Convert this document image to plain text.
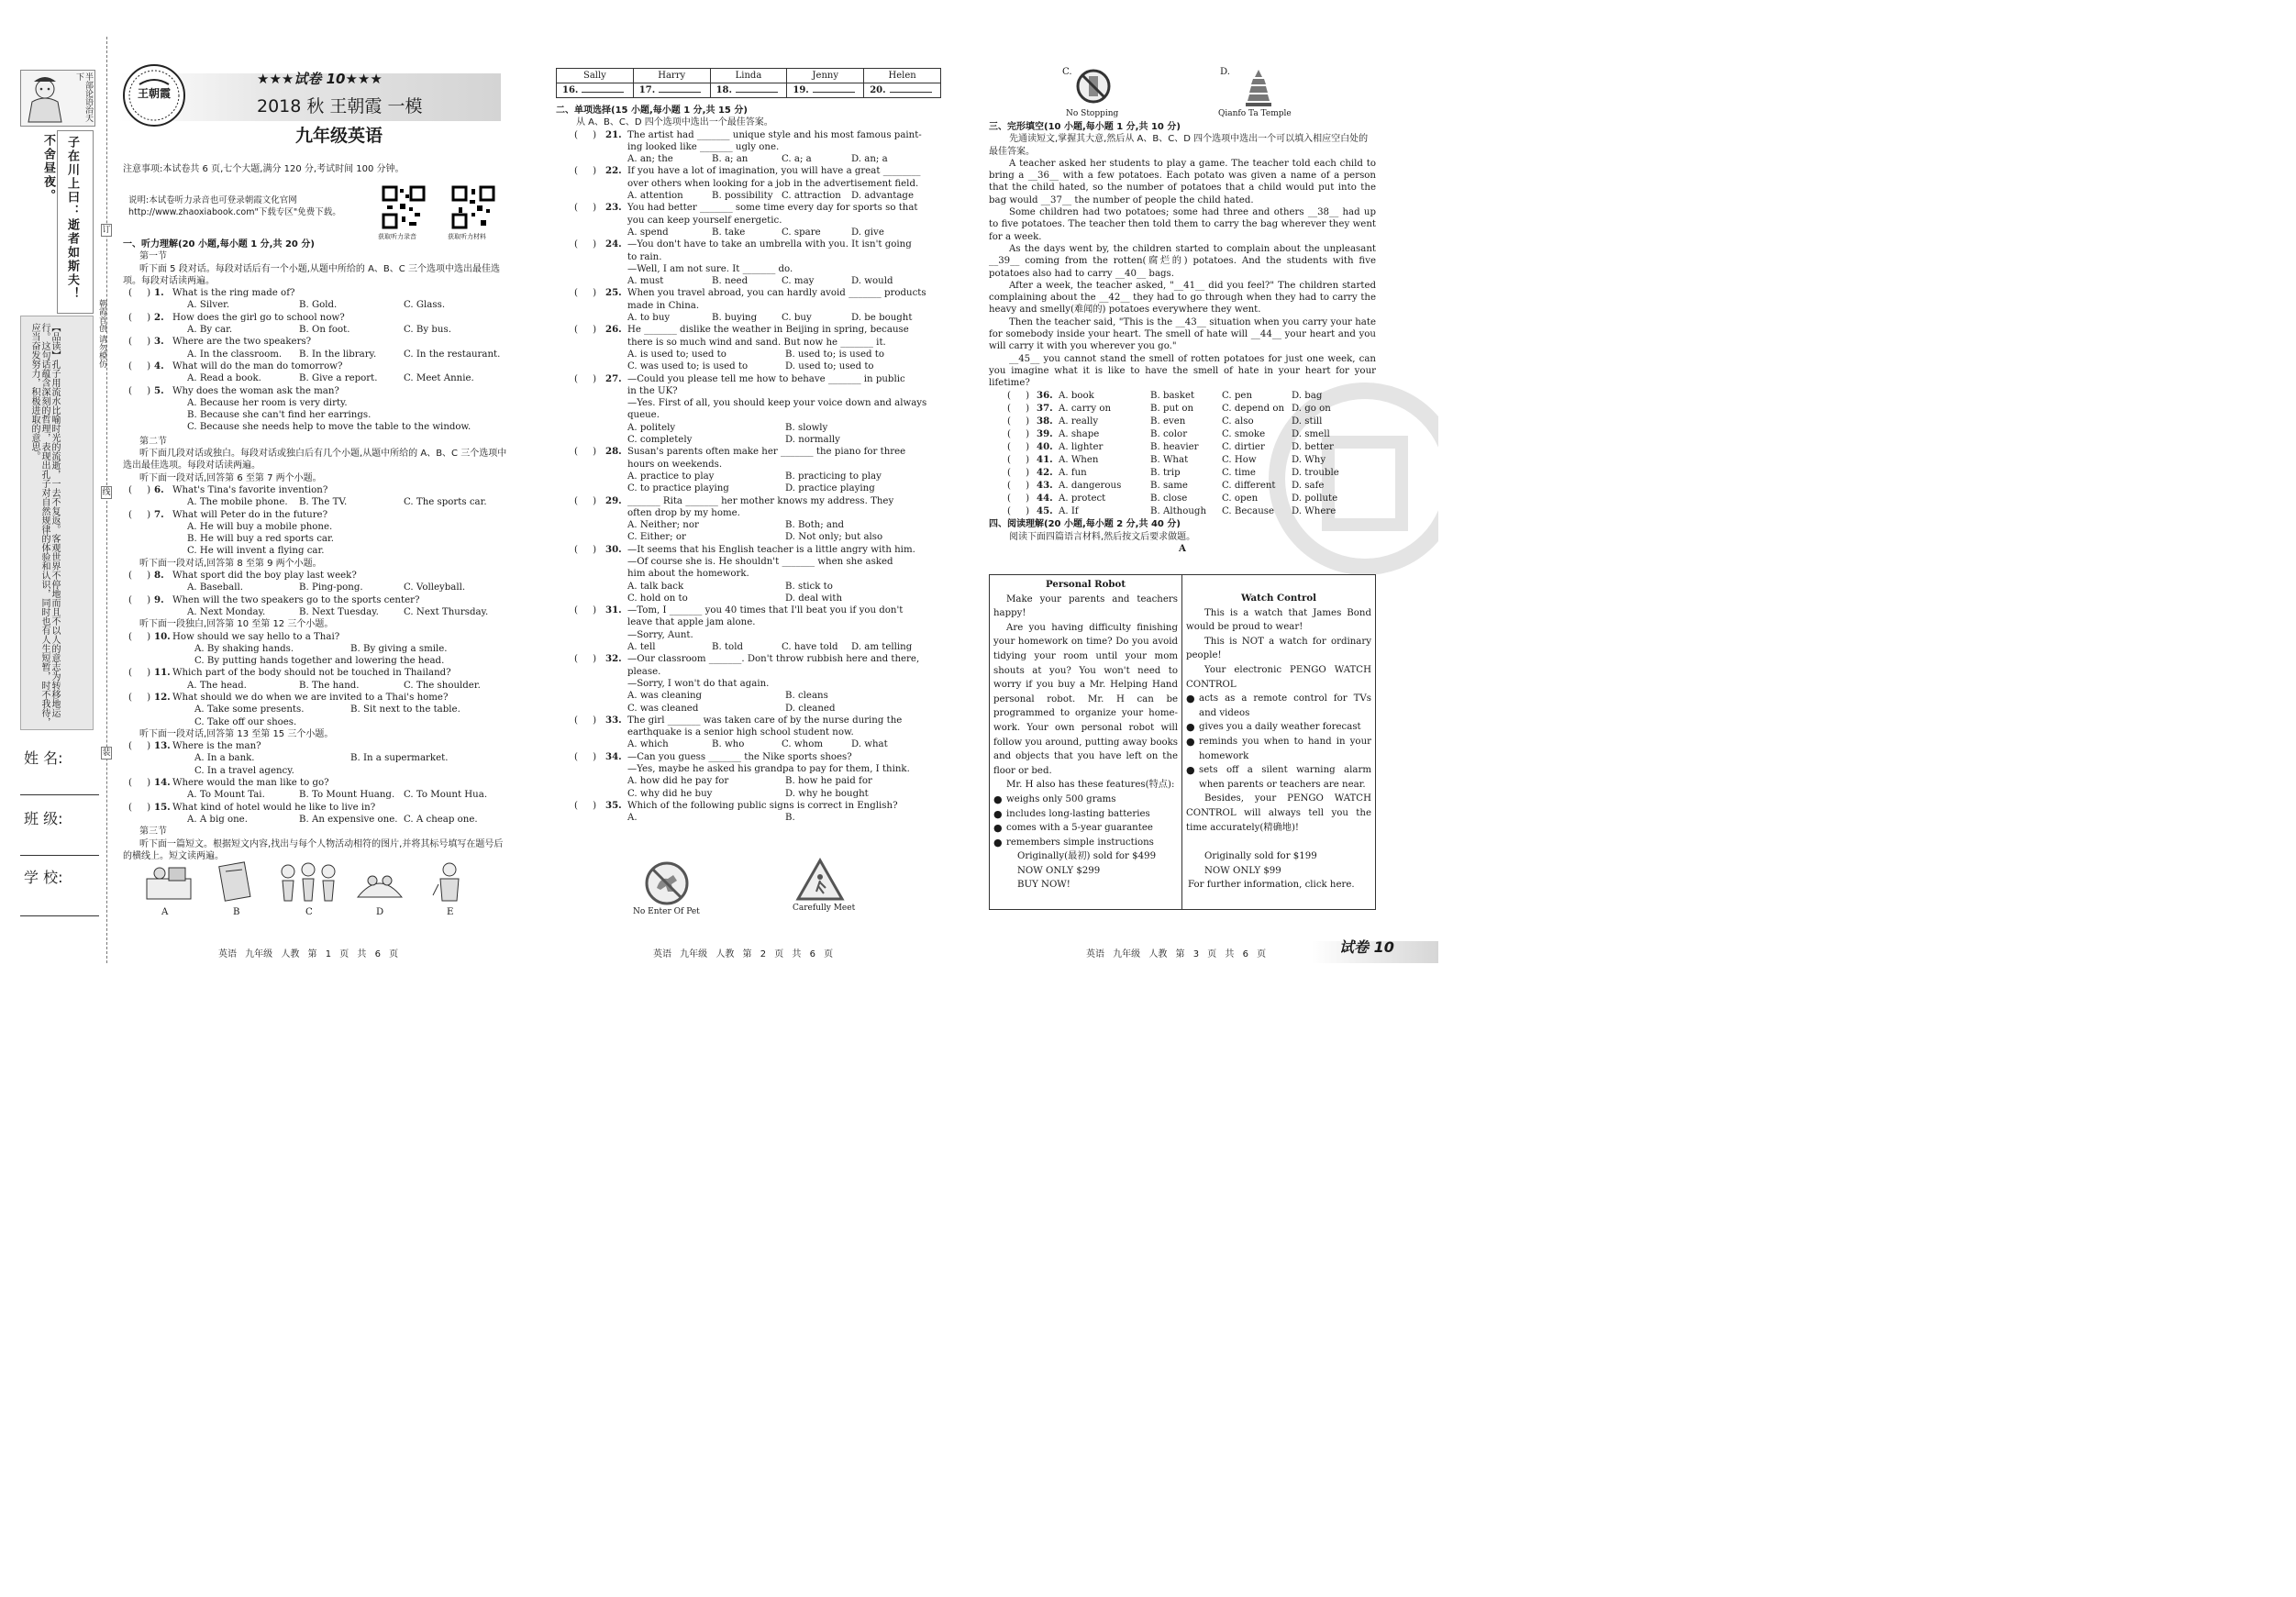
半部论语治天下
不舍昼夜。 子在川上曰：逝者如斯夫！
【品读】孔子用流水比喻时光的流逝，一去不复返。客观世界不停地而且不以人的意志为转移地运行。这句话蕴含深刻的哲理，表现出孔子对自然规律的体验和认识，同时也有人生短暂，时不我待，应当奋发努力，积极进取的意思。	朝霞首创 请勿模仿
订
线
装
姓 名:
班 级:
学 校:
王朝霞
★★★试卷 10★★★
2018 秋 王朝霞 一模
九年级英语
注意事项:本试卷共 6 页,七个大题,满分 120 分,考试时间 100 分钟。
说明:本试卷听力录音也可登录朝霞文化官网 http://www.zhaoxiabook.com"下载专区"免费下载。
获取听力录音	获取听力材料
一、听力理解(20 小题,每小题 1 分,共 20 分)
第一节
听下面 5 段对话。每段对话后有一个小题,从题中所给的 A、B、C 三个选项中选出最佳选项。每段对话读两遍。
(     ) 1. What is the ring made of?
A. Silver.	B. Gold.	C. Glass.
(     ) 2. How does the girl go to school now?
A. By car.	B. On foot.	C. By bus.
(     ) 3. Where are the two speakers?
A. In the classroom. B. In the library.	C. In the restaurant.
(     ) 4. What will do the man do tomorrow?
A. Read a book.	B. Give a report.	C. Meet Annie.
(     ) 5. Why does the woman ask the man?
A. Because her room is very dirty.
B. Because she can't find her earrings.
C. Because she needs help to move the table to the window.
第二节
听下面几段对话或独白。每段对话或独白后有几个小题,从题中所给的 A、B、C 三个选项中选出最佳选项。每段对话读两遍。
听下面一段对话,回答第 6 至第 7 两个小题。
(     ) 6. What's Tina's favorite invention?
A. The mobile phone. B. The TV.	C. The sports car.
(     ) 7. What will Peter do in the future?
A. He will buy a mobile phone.
B. He will buy a red sports car.
C. He will invent a flying car.
听下面一段对话,回答第 8 至第 9 两个小题。
(     ) 8. What sport did the boy play last week?
A. Baseball.	B. Ping-pong.	C. Volleyball.
(     ) 9. When will the two speakers go to the sports center?
A. Next Monday.	B. Next Tuesday.	C. Next Thursday.
听下面一段独白,回答第 10 至第 12 三个小题。
(     ) 10. How should we say hello to a Thai?
A. By shaking hands.	B. By giving a smile.
C. By putting hands together and lowering the head.
(     ) 11. Which part of the body should not be touched in Thailand?
A. The head.	B. The hand.	C. The shoulder.
(     ) 12. What should we do when we are invited to a Thai's home?
A. Take some presents.	B. Sit next to the table.
C. Take off our shoes.
听下面一段对话,回答第 13 至第 15 三个小题。
(     ) 13. Where is the man?
A. In a bank.	B. In a supermarket.
C. In a travel agency.
(     ) 14. Where would the man like to go?
A. To Mount Tai.	B. To Mount Huang. C. To Mount Hua.
(     ) 15. What kind of hotel would he like to live in?
A. A big one.	B. An expensive one. C. A cheap one.
第三节
听下面一篇短文。根据短文内容,找出与每个人物活动相符的图片,并将其标号填写在题号后的横线上。短文读两遍。
A	B	C	D	E
英语 九年级 人教 第 1 页 共 6 页
Sally	Harry	Linda	Jenny	Helen
16.	17.	18.	19.	20.
二、单项选择(15 小题,每小题 1 分,共 15 分)
从 A、B、C、D 四个选项中选出一个最佳答案。
(     ) 21. The artist had _______ unique style and his most famous paint-
ing looked like _______ ugly one.
A. an; the	B. a; an	C. a; a	D. an; a
(     ) 22. If you have a lot of imagination, you will have a great ________
over others when looking for a job in the advertisement field.
A. attention	B. possibility C. attraction D. advantage
(     ) 23. You had better _______ some time every day for sports so that
you can keep yourself energetic.
A. spend	B. take	C. spare	D. give
(     ) 24. —You don't have to take an umbrella with you. It isn't going
to rain.
—Well, I am not sure. It _______ do.
A. must	B. need	C. may	D. would
(     ) 25. When you travel abroad, you can hardly avoid _______ products
made in China.
A. to buy	B. buying	C. buy	D. be bought
(     ) 26. He _______ dislike the weather in Beijing in spring, because
there is so much wind and sand. But now he _______ it.
A. is used to; used to	B. used to; is used to
C. was used to; is used to	D. used to; used to
(     ) 27. —Could you please tell me how to behave _______ in public
in the UK?
—Yes. First of all, you should keep your voice down and always
queue.
A. politely	B. slowly
C. completely	D. normally
(     ) 28. Susan's parents often make her _______ the piano for three
hours on weekends.
A. practice to play	B. practicing to play
C. to practice playing	D. practice playing
(     ) 29. _______ Rita _______ her mother knows my address. They
often drop by my home.
A. Neither; nor	B. Both; and
C. Either; or	D. Not only; but also
(     ) 30. —It seems that his English teacher is a little angry with him.
—Of course she is. He shouldn't _______ when she asked
him about the homework.
A. talk back	B. stick to
C. hold on to	D. deal with
(     ) 31. —Tom, I _______ you 40 times that I'll beat you if you don't
leave that apple jam alone.
—Sorry, Aunt.
A. tell	B. told	C. have told D. am telling
(     ) 32. —Our classroom _______. Don't throw rubbish here and there,
please.
—Sorry, I won't do that again.
A. was cleaning	B. cleans
C. was cleaned	D. cleaned
(     ) 33. The girl _______ was taken care of by the nurse during the
earthquake is a senior high school student now.
A. which	B. who	C. whom	D. what
(     ) 34. —Can you guess _______ the Nike sports shoes?
—Yes, maybe he asked his grandpa to pay for them, I think.
A. how did he pay for	B. how he paid for
C. why did he buy	D. why he bought
(     ) 35. Which of the following public signs is correct in English?
A.	B.
No Enter Of Pet	Carefully Meet
英语 九年级 人教 第 2 页 共 6 页
C.
No Stopping
D.
Qianfo Ta Temple
三、完形填空(10 小题,每小题 1 分,共 10 分)
先通读短文,掌握其大意,然后从 A、B、C、D 四个选项中选出一个可以填入相应空白处的最佳答案。
A teacher asked her students to play a game. The teacher told each child to bring a __36__ with a few potatoes. Each potato was given a name of a person that the child hated, so the number of potatoes that a child would put into the bag would __37__ the number of people the child hated.
Some children had two potatoes; some had three and others __38__ had up to five potatoes. The teacher then told them to carry the bag wherever they went for a week.
As the days went by, the children started to complain about the unpleasant __39__ coming from the rotten(腐烂的) potatoes. And the students with five potatoes also had to carry __40__ bags.
After a week, the teacher asked, "__41__ did you feel?" The children started complaining about the __42__ they had to go through when they had to carry the heavy and smelly(难闻的) potatoes everywhere they went.
Then the teacher said, "This is the __43__ situation when you carry your hate for somebody inside your heart. The smell of hate will __44__ your heart and you will carry it with you wherever you go."
__45__ you cannot stand the smell of rotten potatoes for just one week, can you imagine what it is like to have the smell of hate in your heart for your lifetime?
(     ) 36. A. book	B. basket	C. pen	D. bag
(     ) 37. A. carry on	B. put on	C. depend on D. go on
(     ) 38. A. really	B. even	C. also	D. still
(     ) 39. A. shape	B. color	C. smoke	D. smell
(     ) 40. A. lighter	B. heavier C. dirtier	D. better
(     ) 41. A. When	B. What	C. How	D. Why
(     ) 42. A. fun	B. trip	C. time	D. trouble
(     ) 43. A. dangerous	B. same	C. different D. safe
(     ) 44. A. protect	B. close	C. open	D. pollute
(     ) 45. A. If	B. Although C. Because D. Where
四、阅读理解(20 小题,每小题 2 分,共 40 分)
阅读下面四篇语言材料,然后按文后要求做题。
A
Personal Robot
Make your parents and teachers happy!
Are you having difficulty finishing your homework on time? Do you avoid tidying your room until your mom shouts at you? You won't need to worry if you buy a Mr. Helping Hand personal robot. Mr. H can be programmed to organize your home-work. Your own personal robot will follow you around, putting away books and objects that you have left on the floor or bed.
Mr. H also has these features(特点):
● weighs only 500 grams
● includes long-lasting batteries
● comes with a 5-year guarantee
● remembers simple instructions
Originally(最初) sold for $499
NOW ONLY $299
BUY NOW!
Watch Control
This is a watch that James Bond would be proud to wear!
This is NOT a watch for ordinary people!
Your electronic PENGO WATCH CONTROL
● acts as a remote control for TVs and videos
● gives you a daily weather forecast
● reminds you when to hand in your homework
● sets off a silent warning alarm when parents or teachers are near.
Besides, your PENGO WATCH CONTROL will always tell you the time accurately(精确地)!
Originally sold for $199
NOW ONLY $99
For further information, click here.
英语 九年级 人教 第 3 页 共 6 页	试卷 10
